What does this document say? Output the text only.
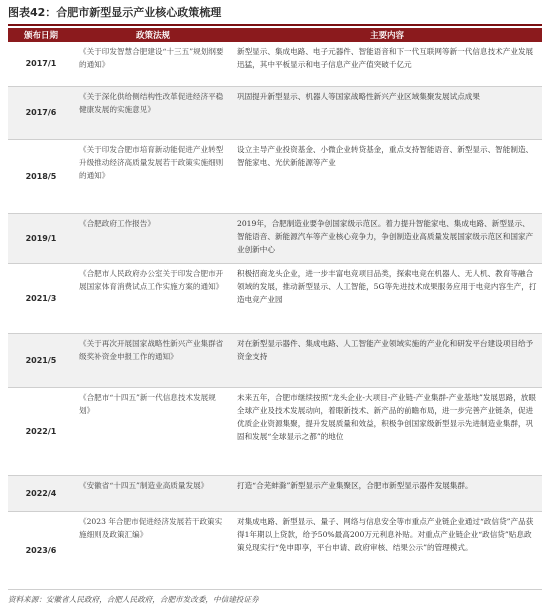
图表42：合肥市新型显示产业核心政策梳理
颁布日期	政策法规	主要内容
2017/1	《关于印发智慧合肥建设“十三五”规划纲要的通知》	新型显示、集成电路、电子元器件、智能语音和下一代互联网等新一代信息技术产业发展迅猛，其中平板显示和电子信息产业产值突破千亿元
2017/6	《关于深化供给侧结构性改革促进经济平稳健康发展的实施意见》	巩固提升新型显示、机器人等国家战略性新兴产业区域集聚发展试点成果
2018/5	《关于印发合肥市培育新动能促进产业转型升级推动经济高质量发展若干政策实施细则的通知》	设立主导产业投资基金、小微企业转贷基金，重点支持智能语音、新型显示、智能制造、智能家电、光伏新能源等产业
2019/1	《合肥政府工作报告》	2019年，合肥制造业要争创国家级示范区。着力提升智能家电、集成电路、新型显示、智能语音、新能源汽车等产业核心竞争力，争创制造业高质量发展国家级示范区和国家产业创新中心
2021/3	《合肥市人民政府办公室关于印发合肥市开展国家体育消费试点工作实施方案的通知》	积极招商龙头企业，进一步丰富电竞项目品类，探索电竞在机器人、无人机、教育等融合领域的发展，推动新型显示、人工智能，5G等先进技术成果服务应用于电竞内容生产，打造电竞产业园
2021/5	《关于再次开展国家战略性新兴产业集群省级奖补资金申报工作的通知》	对在新型显示器件、集成电路、人工智能产业领域实施的产业化和研发平台建设项目给予资金支持
2022/1	《合肥市“十四五”新一代信息技术发展规划》	未来五年，合肥市继续按照“龙头企业-大项目-产业链-产业集群-产业基地”发展思路，放眼全球产业及技术发展动向，着眼新技术、新产品的前瞻布局，进一步完善产业链条，促进优质企业资源集聚，提升发展质量和效益，积极争创国家级新型显示先进制造业集群，巩固和发展“全球显示之都”的地位
2022/4	《安徽省“十四五”制造业高质量发展》	打造“合芜蚌滁”新型显示产业集聚区，合肥市新型显示器件发展集群。
2023/6	《2023 年合肥市促进经济发展若干政策实施细则及政策汇编》	对集成电路、新型显示、量子、网络与信息安全等市重点产业链企业通过“政信贷”产品获得1年期以上贷款，给予50%最高200万元利息补贴。对重点产业链企业“政信贷”贴息政策兑现实行“免申即享，平台申请、政府审核、结果公示”的管理模式。
资料来源：安徽省人民政府，合肥人民政府，合肥市发改委，中信建投证券
